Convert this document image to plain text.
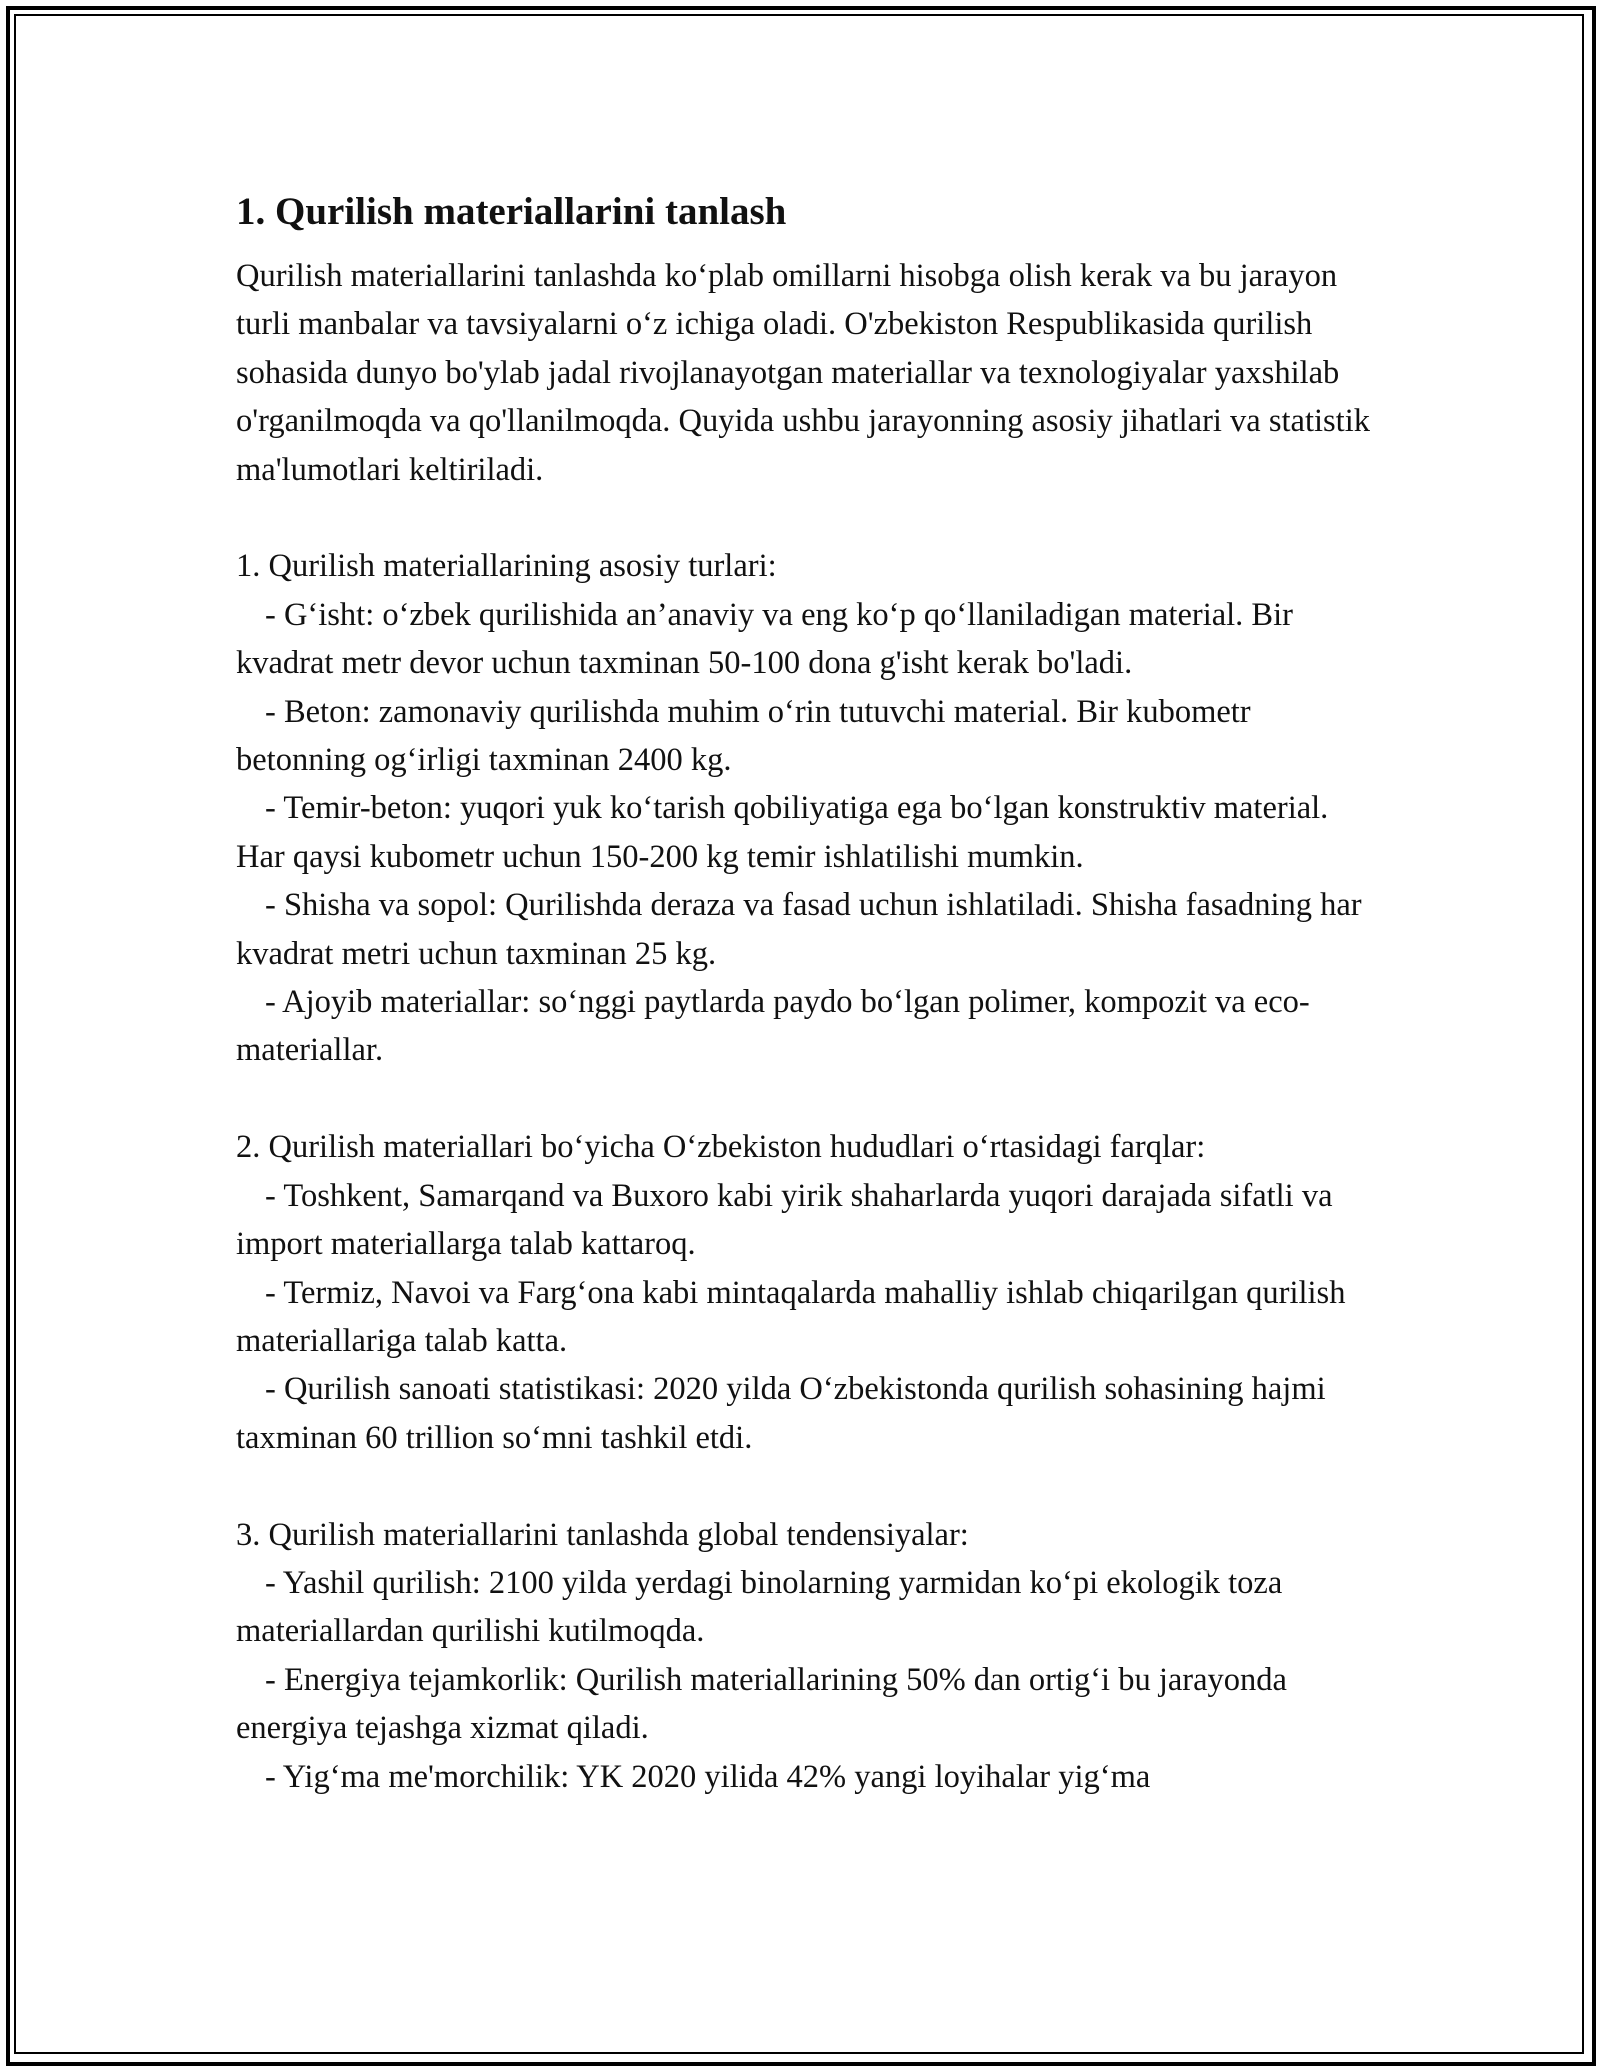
1. Qurilish materiallarini tanlash

Qurilish materiallarini tanlashda ko‘plab omillarni hisobga olish kerak va bu jarayon turli manbalar va tavsiyalarni o‘z ichiga oladi. O'zbekiston Respublikasida qurilish sohasida dunyo bo'ylab jadal rivojlanayotgan materiallar va texnologiyalar yaxshilab o'rganilmoqda va qo'llanilmoqda. Quyida ushbu jarayonning asosiy jihatlari va statistik ma'lumotlari keltiriladi.

1. Qurilish materiallarining asosiy turlari:

- G‘isht: o‘zbek qurilishida an’anaviy va eng ko‘p qo‘llaniladigan material. Bir kvadrat metr devor uchun taxminan 50-100 dona g'isht kerak bo'ladi.

- Beton: zamonaviy qurilishda muhim o‘rin tutuvchi material. Bir kubometr betonning og‘irligi taxminan 2400 kg.

- Temir-beton: yuqori yuk ko‘tarish qobiliyatiga ega bo‘lgan konstruktiv material. Har qaysi kubometr uchun 150-200 kg temir ishlatilishi mumkin.

- Shisha va sopol: Qurilishda deraza va fasad uchun ishlatiladi. Shisha fasadning har kvadrat metri uchun taxminan 25 kg.

- Ajoyib materiallar: so‘nggi paytlarda paydo bo‘lgan polimer, kompozit va eco-materiallar.

2. Qurilish materiallari bo‘yicha O‘zbekiston hududlari o‘rtasidagi farqlar:

- Toshkent, Samarqand va Buxoro kabi yirik shaharlarda yuqori darajada sifatli va import materiallarga talab kattaroq.

- Termiz, Navoi va Farg‘ona kabi mintaqalarda mahalliy ishlab chiqarilgan qurilish materiallariga talab katta.

- Qurilish sanoati statistikasi: 2020 yilda O‘zbekistonda qurilish sohasining hajmi taxminan 60 trillion so‘mni tashkil etdi.

3. Qurilish materiallarini tanlashda global tendensiyalar:

- Yashil qurilish: 2100 yilda yerdagi binolarning yarmidan ko‘pi ekologik toza materiallardan qurilishi kutilmoqda.

- Energiya tejamkorlik: Qurilish materiallarining 50% dan ortig‘i bu jarayonda energiya tejashga xizmat qiladi.

- Yig‘ma me'morchilik: YK 2020 yilida 42% yangi loyihalar yig‘ma
